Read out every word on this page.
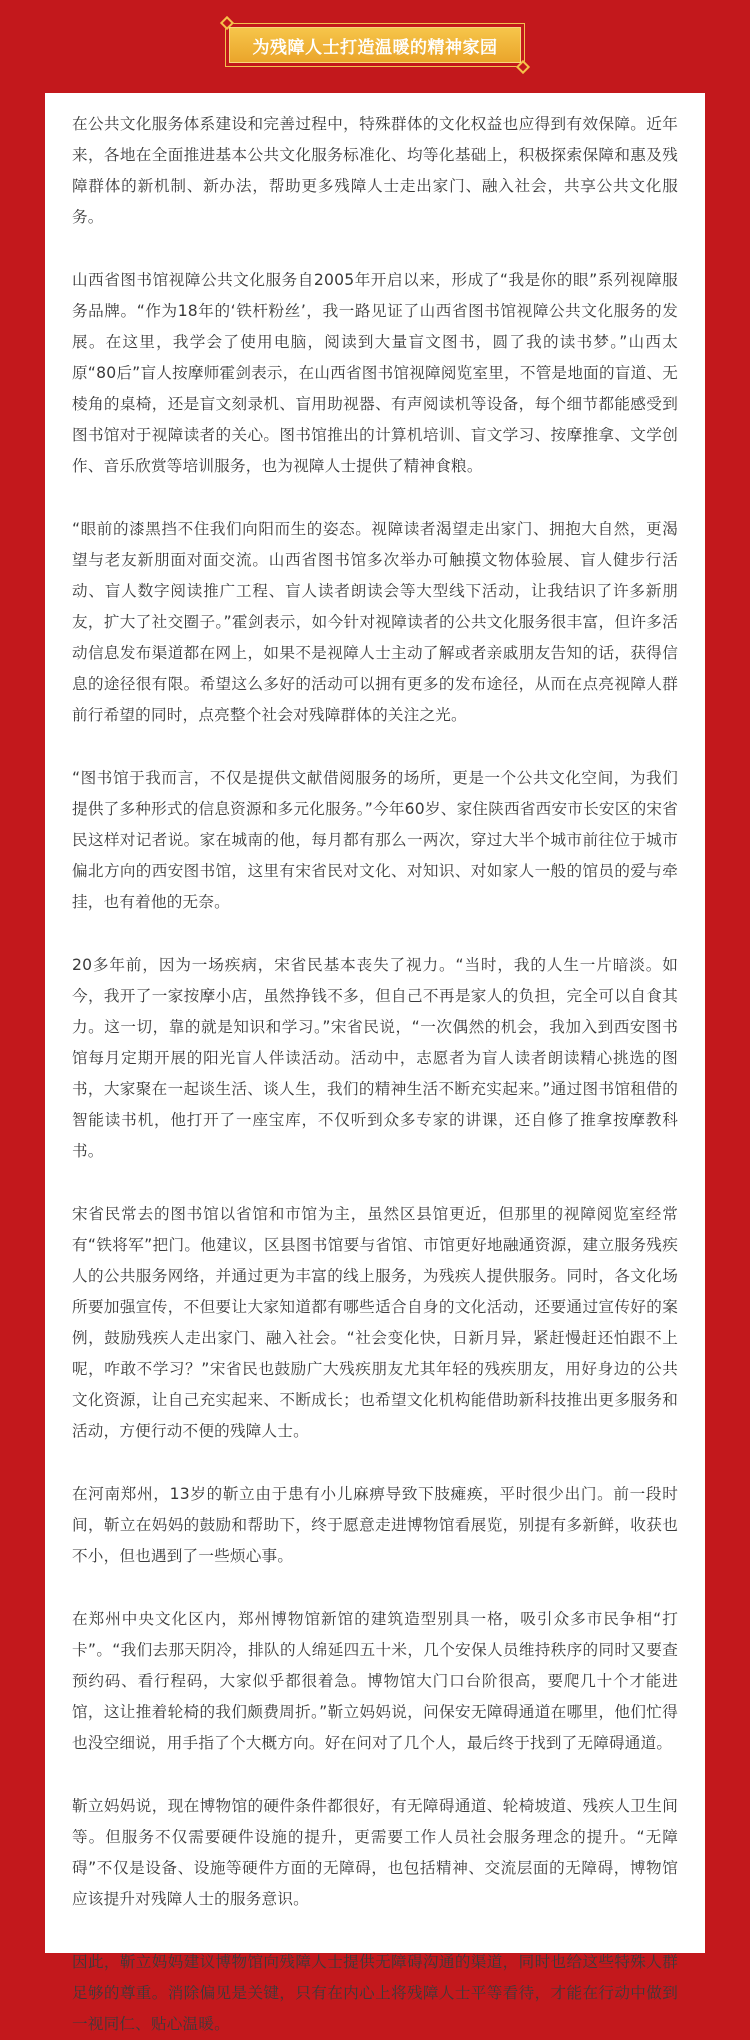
为残障人士打造温暖的精神家园

在公共文化服务体系建设和完善过程中，特殊群体的文化权益也应得到有效保障。近年来，各地在全面推进基本公共文化服务标准化、均等化基础上，积极探索保障和惠及残障群体的新机制、新办法，帮助更多残障人士走出家门、融入社会，共享公共文化服务。

山西省图书馆视障公共文化服务自2005年开启以来，形成了“我是你的眼”系列视障服务品牌。“作为18年的‘铁杆粉丝’，我一路见证了山西省图书馆视障公共文化服务的发展。在这里，我学会了使用电脑，阅读到大量盲文图书，圆了我的读书梦。”山西太原“80后”盲人按摩师霍剑表示，在山西省图书馆视障阅览室里，不管是地面的盲道、无棱角的桌椅，还是盲文刻录机、盲用助视器、有声阅读机等设备，每个细节都能感受到图书馆对于视障读者的关心。图书馆推出的计算机培训、盲文学习、按摩推拿、文学创作、音乐欣赏等培训服务，也为视障人士提供了精神食粮。

“眼前的漆黑挡不住我们向阳而生的姿态。视障读者渴望走出家门、拥抱大自然，更渴望与老友新朋面对面交流。山西省图书馆多次举办可触摸文物体验展、盲人健步行活动、盲人数字阅读推广工程、盲人读者朗读会等大型线下活动，让我结识了许多新朋友，扩大了社交圈子。”霍剑表示，如今针对视障读者的公共文化服务很丰富，但许多活动信息发布渠道都在网上，如果不是视障人士主动了解或者亲戚朋友告知的话，获得信息的途径很有限。希望这么多好的活动可以拥有更多的发布途径，从而在点亮视障人群前行希望的同时，点亮整个社会对残障群体的关注之光。

“图书馆于我而言，不仅是提供文献借阅服务的场所，更是一个公共文化空间，为我们提供了多种形式的信息资源和多元化服务。”今年60岁、家住陕西省西安市长安区的宋省民这样对记者说。家在城南的他，每月都有那么一两次，穿过大半个城市前往位于城市偏北方向的西安图书馆，这里有宋省民对文化、对知识、对如家人一般的馆员的爱与牵挂，也有着他的无奈。

20多年前，因为一场疾病，宋省民基本丧失了视力。“当时，我的人生一片暗淡。如今，我开了一家按摩小店，虽然挣钱不多，但自己不再是家人的负担，完全可以自食其力。这一切，靠的就是知识和学习。”宋省民说，“一次偶然的机会，我加入到西安图书馆每月定期开展的阳光盲人伴读活动。活动中，志愿者为盲人读者朗读精心挑选的图书，大家聚在一起谈生活、谈人生，我们的精神生活不断充实起来。”通过图书馆租借的智能读书机，他打开了一座宝库，不仅听到众多专家的讲课，还自修了推拿按摩教科书。

宋省民常去的图书馆以省馆和市馆为主，虽然区县馆更近，但那里的视障阅览室经常有“铁将军”把门。他建议，区县图书馆要与省馆、市馆更好地融通资源，建立服务残疾人的公共服务网络，并通过更为丰富的线上服务，为残疾人提供服务。同时，各文化场所要加强宣传，不但要让大家知道都有哪些适合自身的文化活动，还要通过宣传好的案例，鼓励残疾人走出家门、融入社会。“社会变化快，日新月异，紧赶慢赶还怕跟不上呢，咋敢不学习？”宋省民也鼓励广大残疾朋友尤其年轻的残疾朋友，用好身边的公共文化资源，让自己充实起来、不断成长；也希望文化机构能借助新科技推出更多服务和活动，方便行动不便的残障人士。

在河南郑州，13岁的靳立由于患有小儿麻痹导致下肢瘫痪，平时很少出门。前一段时间，靳立在妈妈的鼓励和帮助下，终于愿意走进博物馆看展览，别提有多新鲜，收获也不小，但也遇到了一些烦心事。

在郑州中央文化区内，郑州博物馆新馆的建筑造型别具一格，吸引众多市民争相“打卡”。“我们去那天阴冷，排队的人绵延四五十米，几个安保人员维持秩序的同时又要查预约码、看行程码，大家似乎都很着急。博物馆大门口台阶很高，要爬几十个才能进馆，这让推着轮椅的我们颇费周折。”靳立妈妈说，问保安无障碍通道在哪里，他们忙得也没空细说，用手指了个大概方向。好在问对了几个人，最后终于找到了无障碍通道。

靳立妈妈说，现在博物馆的硬件条件都很好，有无障碍通道、轮椅坡道、残疾人卫生间等。但服务不仅需要硬件设施的提升，更需要工作人员社会服务理念的提升。“无障碍”不仅是设备、设施等硬件方面的无障碍，也包括精神、交流层面的无障碍，博物馆应该提升对残障人士的服务意识。

因此，靳立妈妈建议博物馆向残障人士提供无障碍沟通的渠道，同时也给这些特殊人群足够的尊重。消除偏见是关键，只有在内心上将残障人士平等看待，才能在行动中做到一视同仁、贴心温暖。
